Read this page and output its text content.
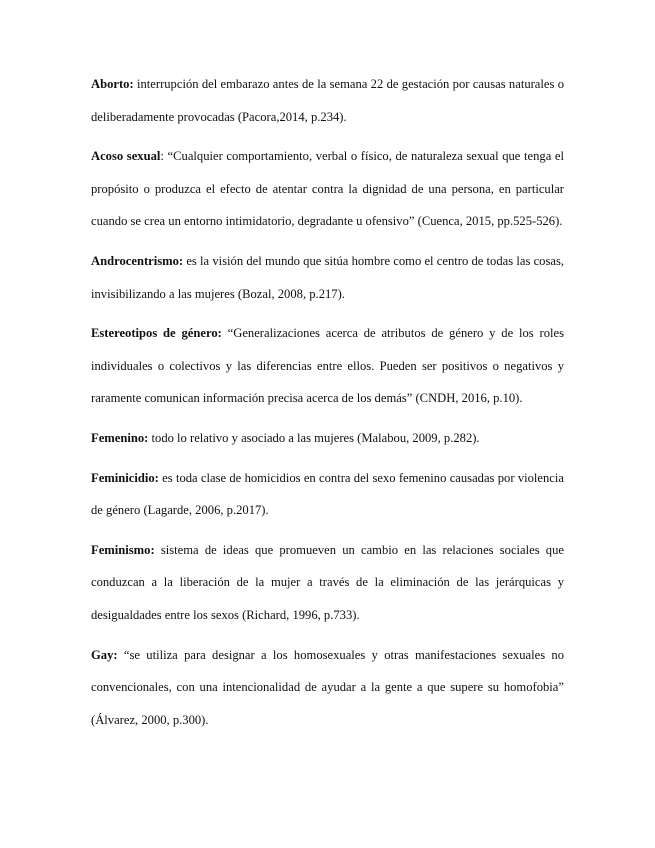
Aborto: interrupción del embarazo antes de la semana 22 de gestación por causas naturales o deliberadamente provocadas (Pacora,2014, p.234).

Acoso sexual: “Cualquier comportamiento, verbal o físico, de naturaleza sexual que tenga el propósito o produzca el efecto de atentar contra la dignidad de una persona, en particular cuando se crea un entorno intimidatorio, degradante u ofensivo” (Cuenca, 2015, pp.525-526).

Androcentrismo: es la visión del mundo que sitúa hombre como el centro de todas las cosas, invisibilizando a las mujeres (Bozal, 2008, p.217).

Estereotipos de género: “Generalizaciones acerca de atributos de género y de los roles individuales o colectivos y las diferencias entre ellos. Pueden ser positivos o negativos y raramente comunican información precisa acerca de los demás” (CNDH, 2016, p.10).

Femenino: todo lo relativo y asociado a las mujeres (Malabou, 2009, p.282).

Feminicidio: es toda clase de homicidios en contra del sexo femenino causadas por violencia de género (Lagarde, 2006, p.2017).

Feminismo: sistema de ideas que promueven un cambio en las relaciones sociales que conduzcan a la liberación de la mujer a través de la eliminación de las jerárquicas y desigualdades entre los sexos (Richard, 1996, p.733).

Gay: “se utiliza para designar a los homosexuales y otras manifestaciones sexuales no convencionales, con una intencionalidad de ayudar a la gente a que supere su homofobia” (Álvarez, 2000, p.300).
